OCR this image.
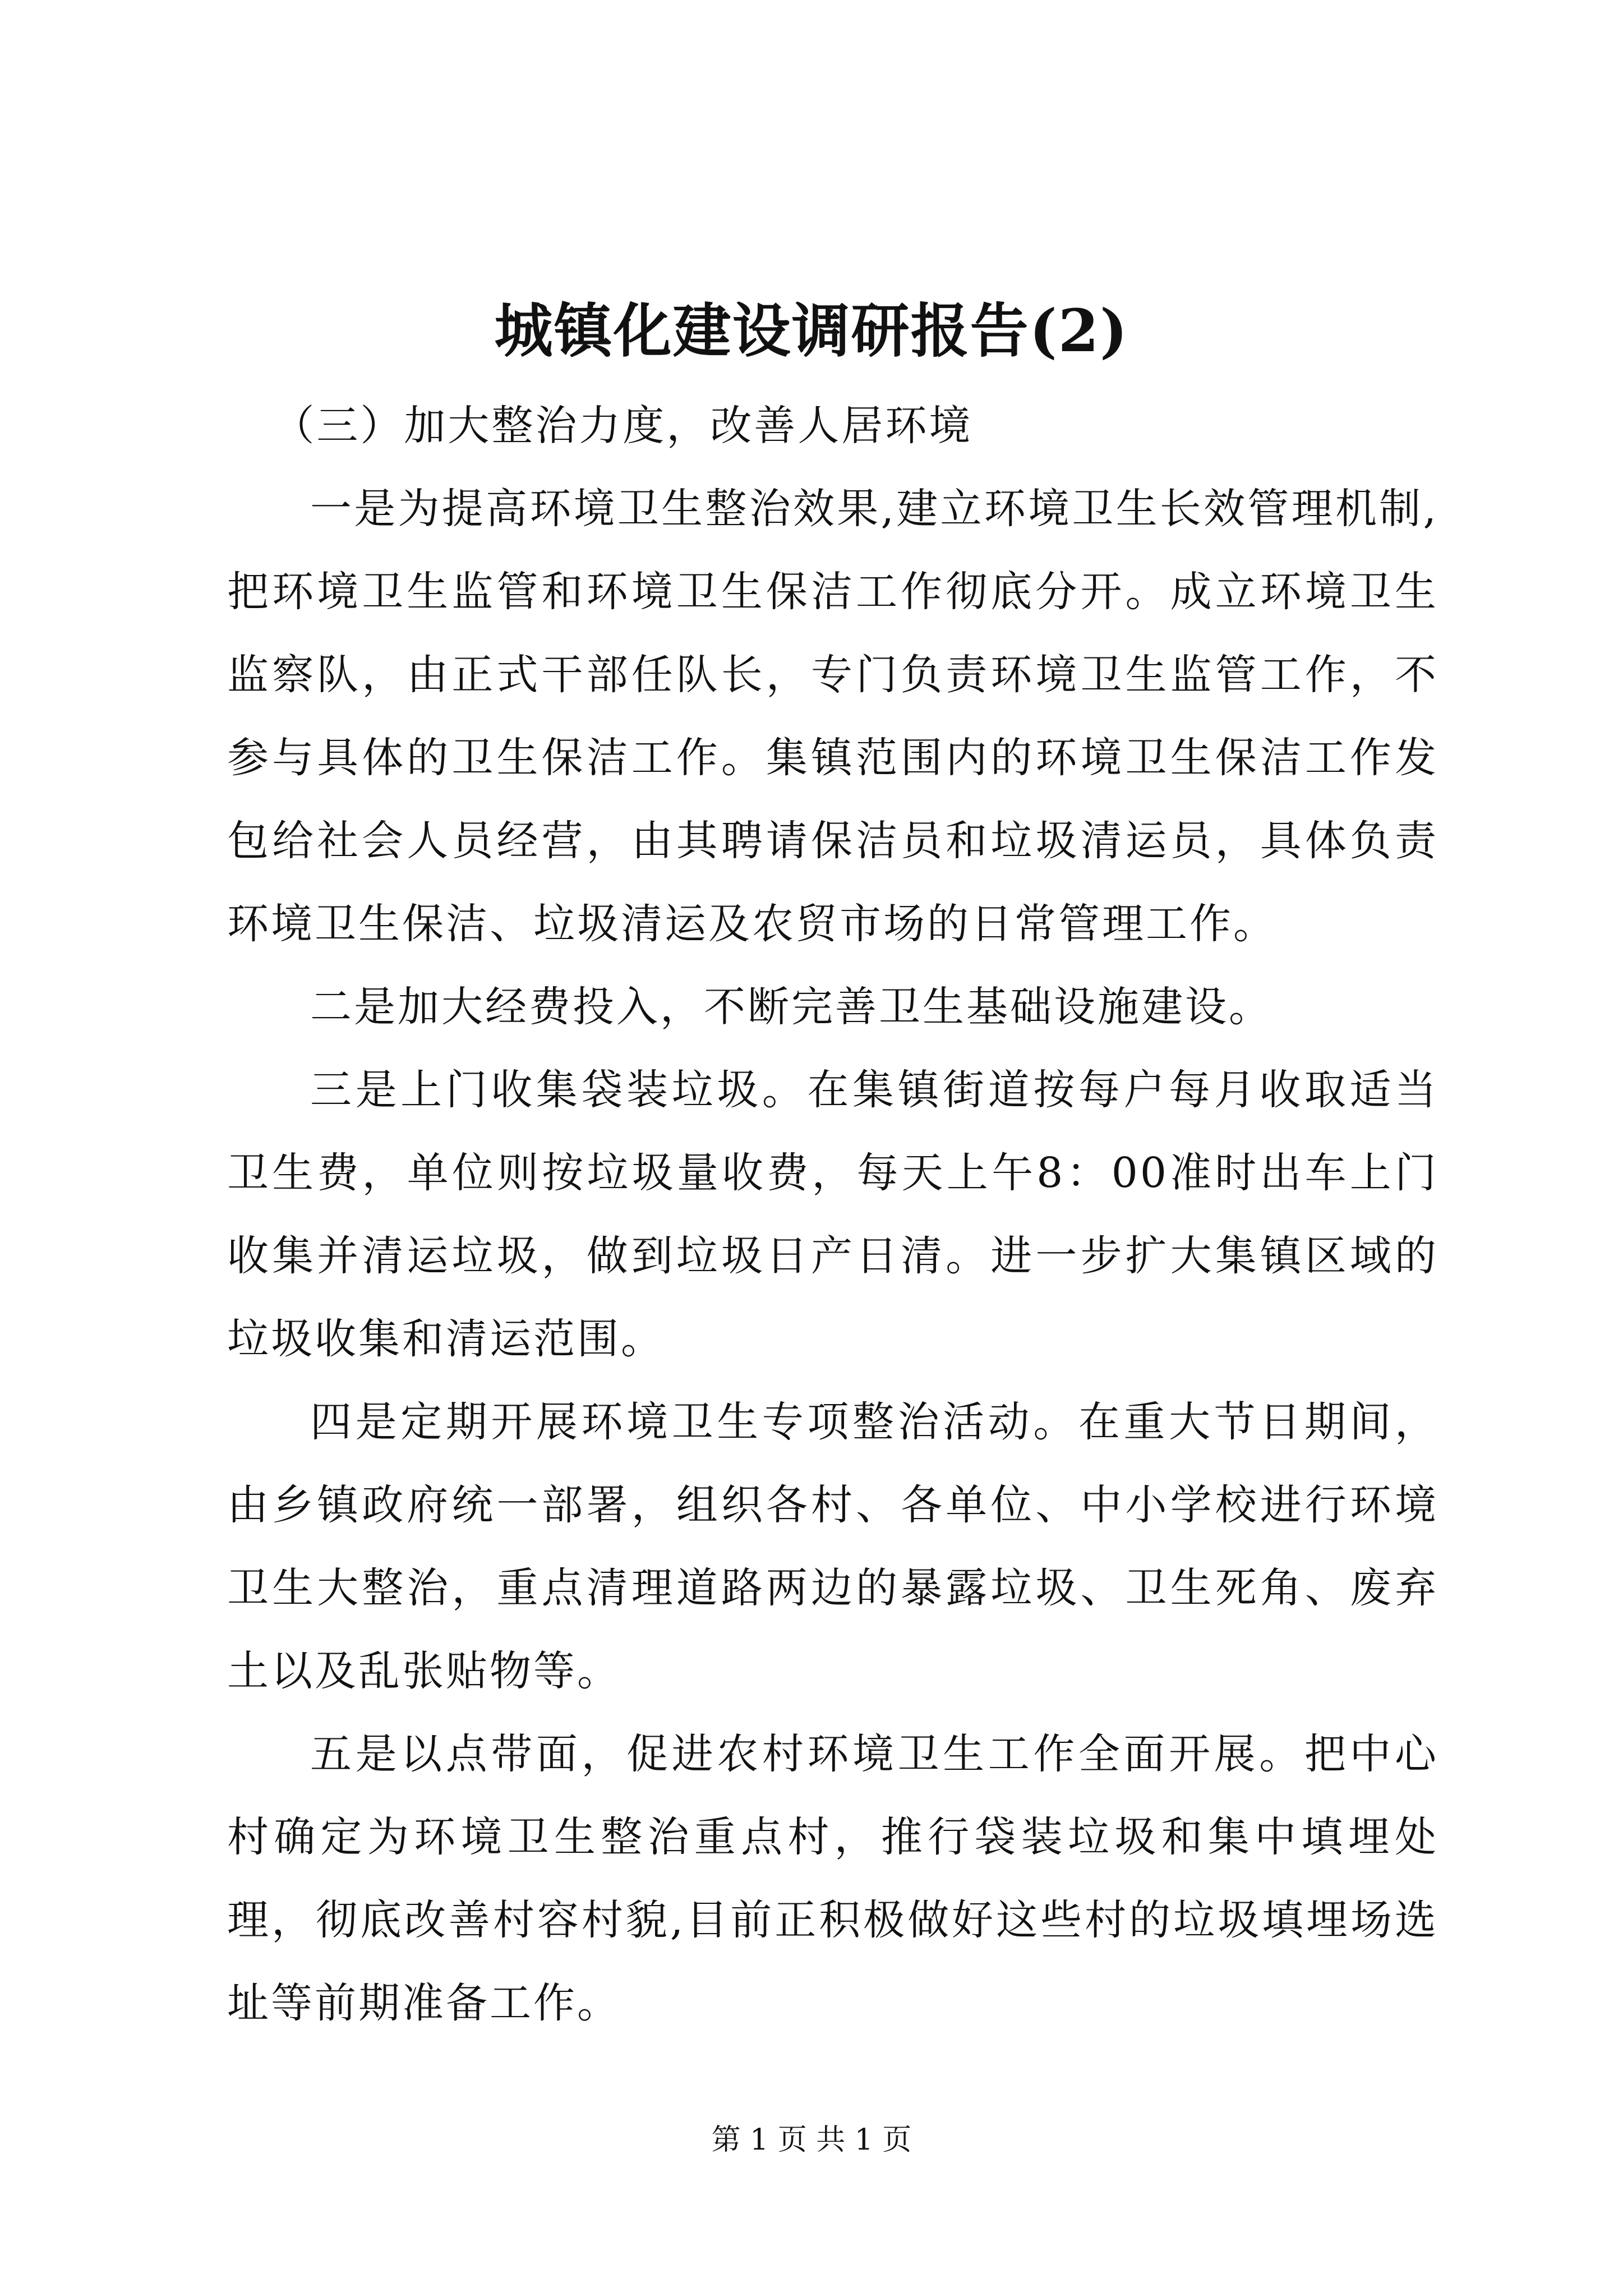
城镇化建设调研报告(2)

（三）加大整治力度，改善人居环境

一是为提高环境卫生整治效果,建立环境卫生长效管理机制,把环境卫生监管和环境卫生保洁工作彻底分开。成立环境卫生监察队，由正式干部任队长，专门负责环境卫生监管工作，不参与具体的卫生保洁工作。集镇范围内的环境卫生保洁工作发包给社会人员经营，由其聘请保洁员和垃圾清运员，具体负责环境卫生保洁、垃圾清运及农贸市场的日常管理工作。

二是加大经费投入，不断完善卫生基础设施建设。

三是上门收集袋装垃圾。在集镇街道按每户每月收取适当卫生费，单位则按垃圾量收费，每天上午8：00准时出车上门收集并清运垃圾，做到垃圾日产日清。进一步扩大集镇区域的垃圾收集和清运范围。

四是定期开展环境卫生专项整治活动。在重大节日期间，由乡镇政府统一部署，组织各村、各单位、中小学校进行环境卫生大整治，重点清理道路两边的暴露垃圾、卫生死角、废弃土以及乱张贴物等。

五是以点带面，促进农村环境卫生工作全面开展。把中心村确定为环境卫生整治重点村，推行袋装垃圾和集中填埋处理，彻底改善村容村貌,目前正积极做好这些村的垃圾填埋场选址等前期准备工作。

第 1 页 共 1 页
